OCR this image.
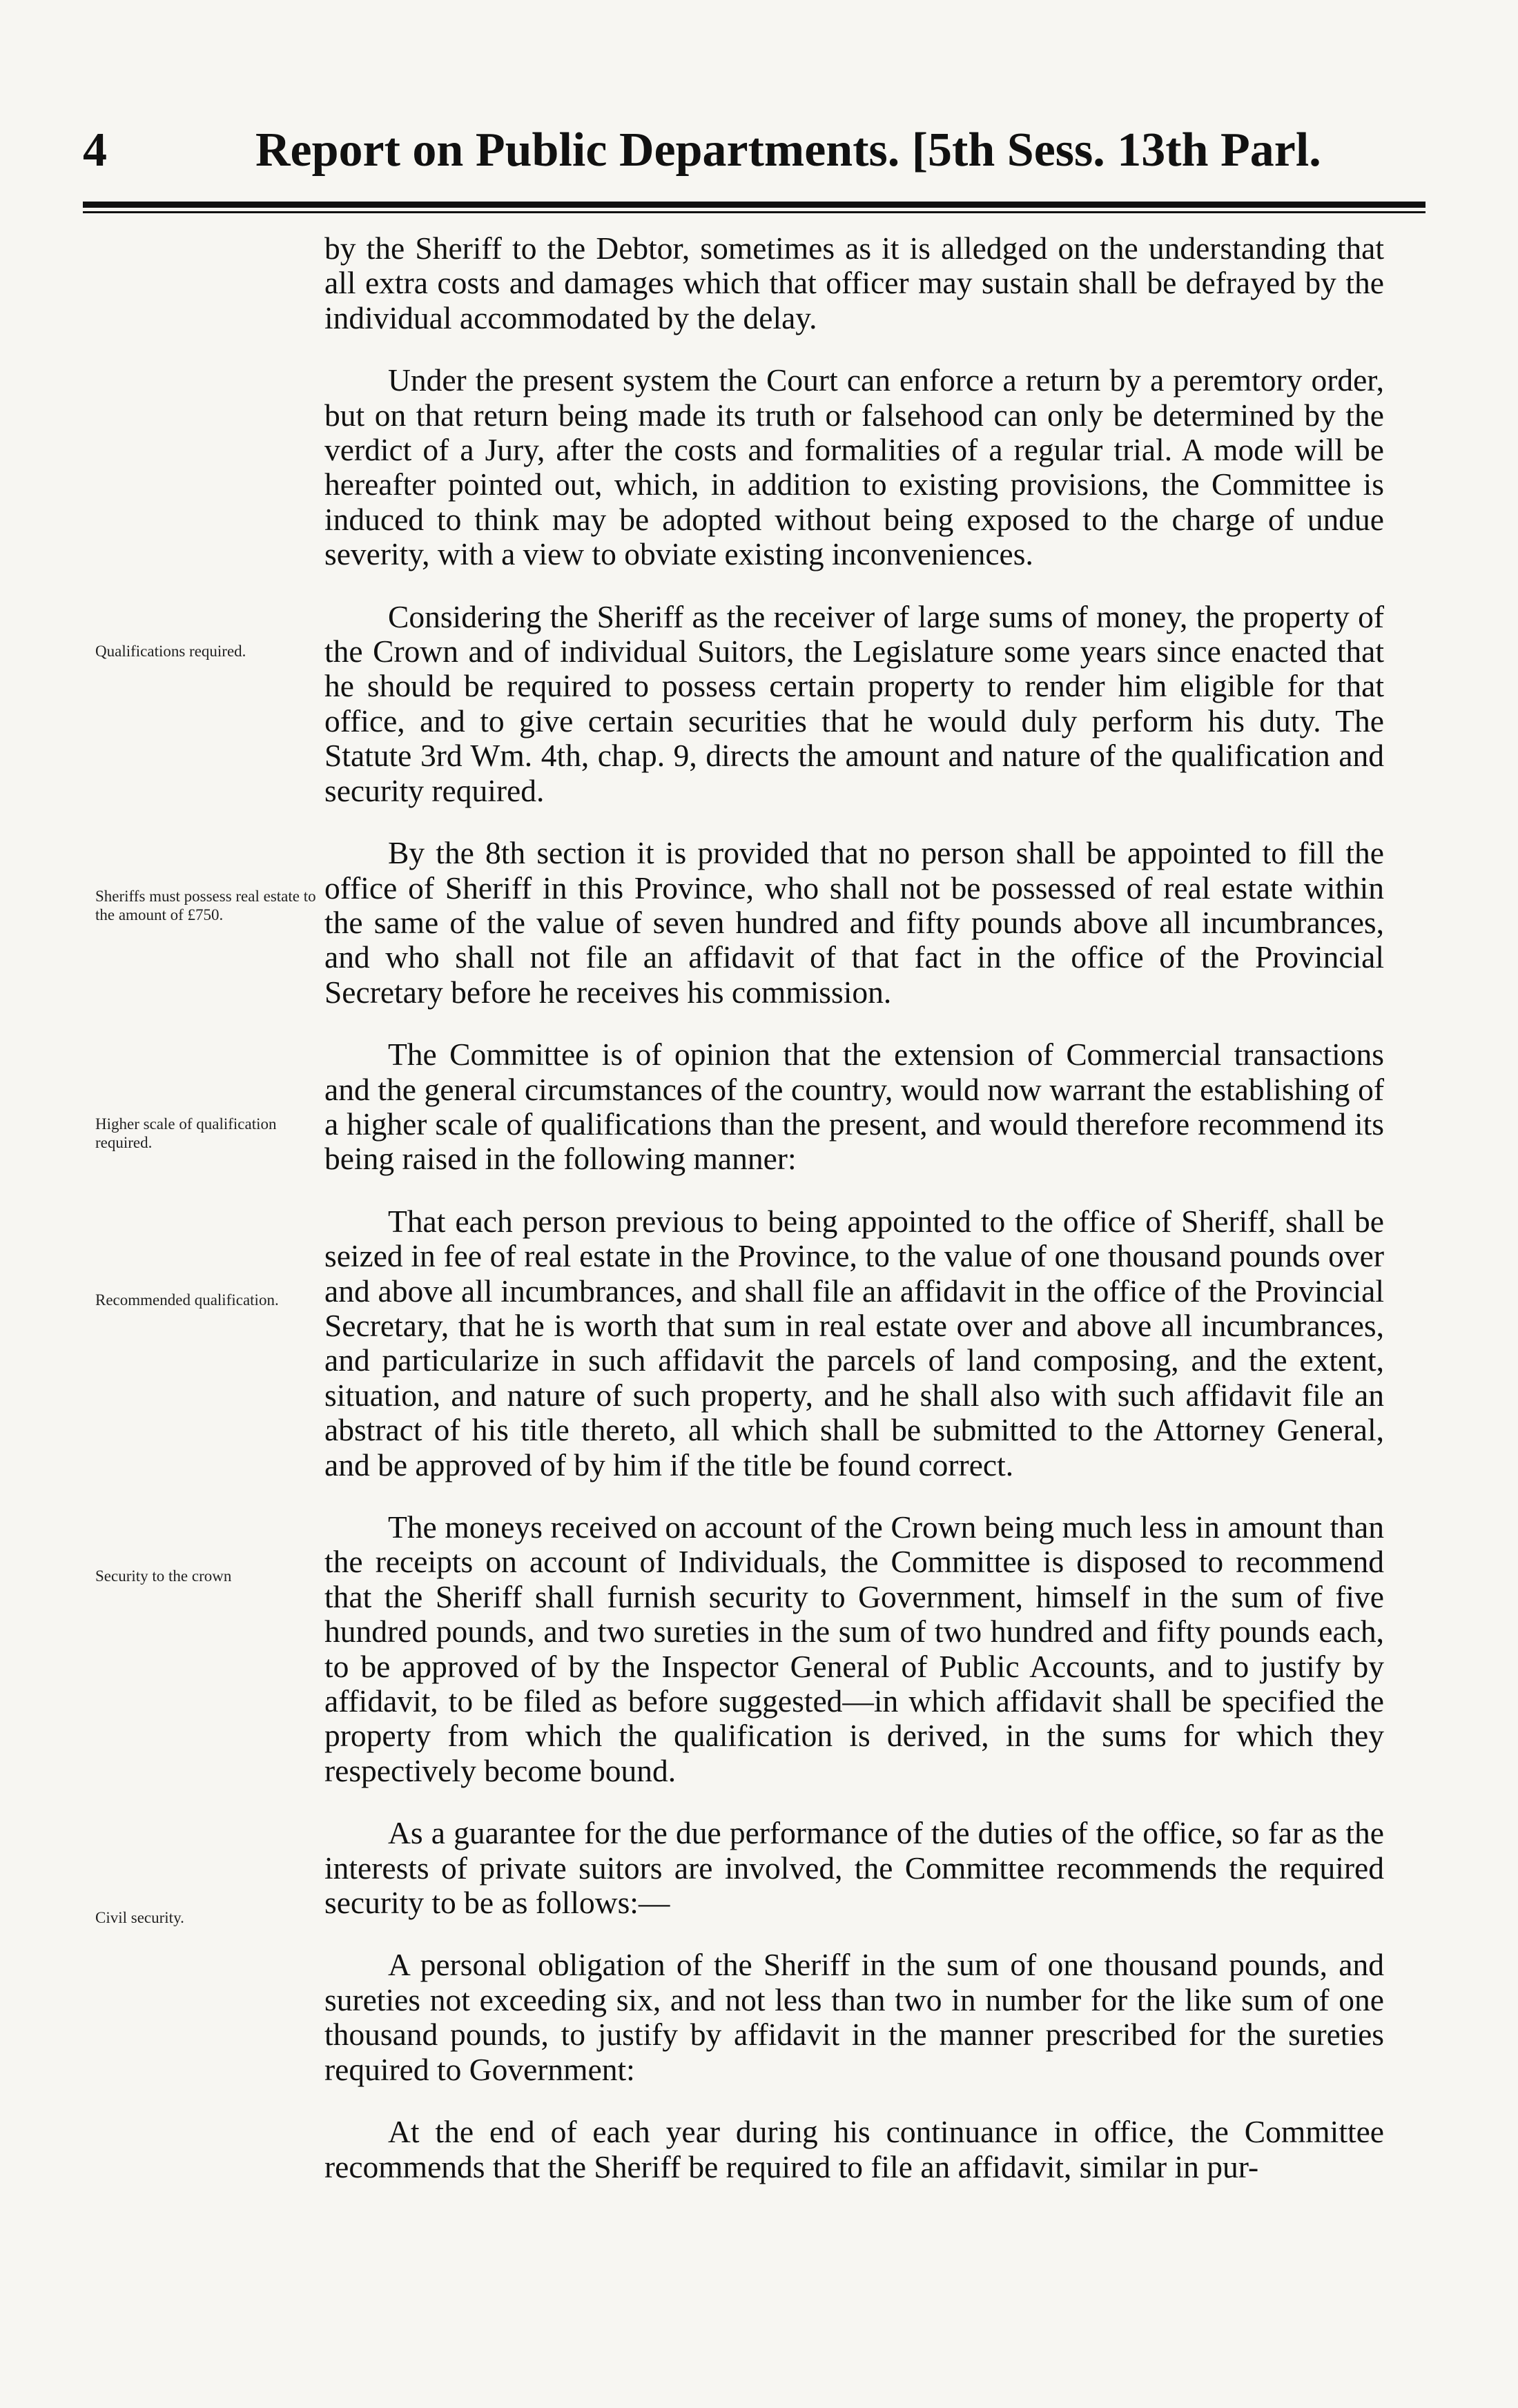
4	Report on Public Departments. [5th Sess. 13th Parl.

by the Sheriff to the Debtor, sometimes as it is alledged on the understanding that all extra costs and damages which that officer may sustain shall be defrayed by the individual accommodated by the delay.

Under the present system the Court can enforce a return by a peremtory order, but on that return being made its truth or falsehood can only be determined by the verdict of a Jury, after the costs and formalities of a regular trial. A mode will be hereafter pointed out, which, in addition to existing provisions, the Committee is induced to think may be adopted without being exposed to the charge of undue severity, with a view to obviate existing inconveniences.

Considering the Sheriff as the receiver of large sums of money, the property of the Crown and of individual Suitors, the Legislature some years since enacted that he should be required to possess certain property to render him eligible for that office, and to give certain securities that he would duly perform his duty. The Statute 3rd Wm. 4th, chap. 9, directs the amount and nature of the qualification and security required.

By the 8th section it is provided that no person shall be appointed to fill the office of Sheriff in this Province, who shall not be possessed of real estate within the same of the value of seven hundred and fifty pounds above all incumbrances, and who shall not file an affidavit of that fact in the office of the Provincial Secretary before he receives his commission.

The Committee is of opinion that the extension of Commercial transactions and the general circumstances of the country, would now warrant the establishing of a higher scale of qualifications than the present, and would therefore recommend its being raised in the following manner:

That each person previous to being appointed to the office of Sheriff, shall be seized in fee of real estate in the Province, to the value of one thousand pounds over and above all incumbrances, and shall file an affidavit in the office of the Provincial Secretary, that he is worth that sum in real estate over and above all incumbrances, and particularize in such affidavit the parcels of land composing, and the extent, situation, and nature of such property, and he shall also with such affidavit file an abstract of his title thereto, all which shall be submitted to the Attorney General, and be approved of by him if the title be found correct.

The moneys received on account of the Crown being much less in amount than the receipts on account of Individuals, the Committee is disposed to recommend that the Sheriff shall furnish security to Government, himself in the sum of five hundred pounds, and two sureties in the sum of two hundred and fifty pounds each, to be approved of by the Inspector General of Public Accounts, and to justify by affidavit, to be filed as before suggested—in which affidavit shall be specified the property from which the qualification is derived, in the sums for which they respectively become bound.

As a guarantee for the due performance of the duties of the office, so far as the interests of private suitors are involved, the Committee recommends the required security to be as follows:—

A personal obligation of the Sheriff in the sum of one thousand pounds, and sureties not exceeding six, and not less than two in number for the like sum of one thousand pounds, to justify by affidavit in the manner prescribed for the sureties required to Government:

At the end of each year during his continuance in office, the Committee recommends that the Sheriff be required to file an affidavit, similar in pur-

Qualifications required.
Sheriffs must possess real estate to the amount of £750.
Higher scale of qualification required.
Recommended qualification.
Security to the crown
Civil security.
